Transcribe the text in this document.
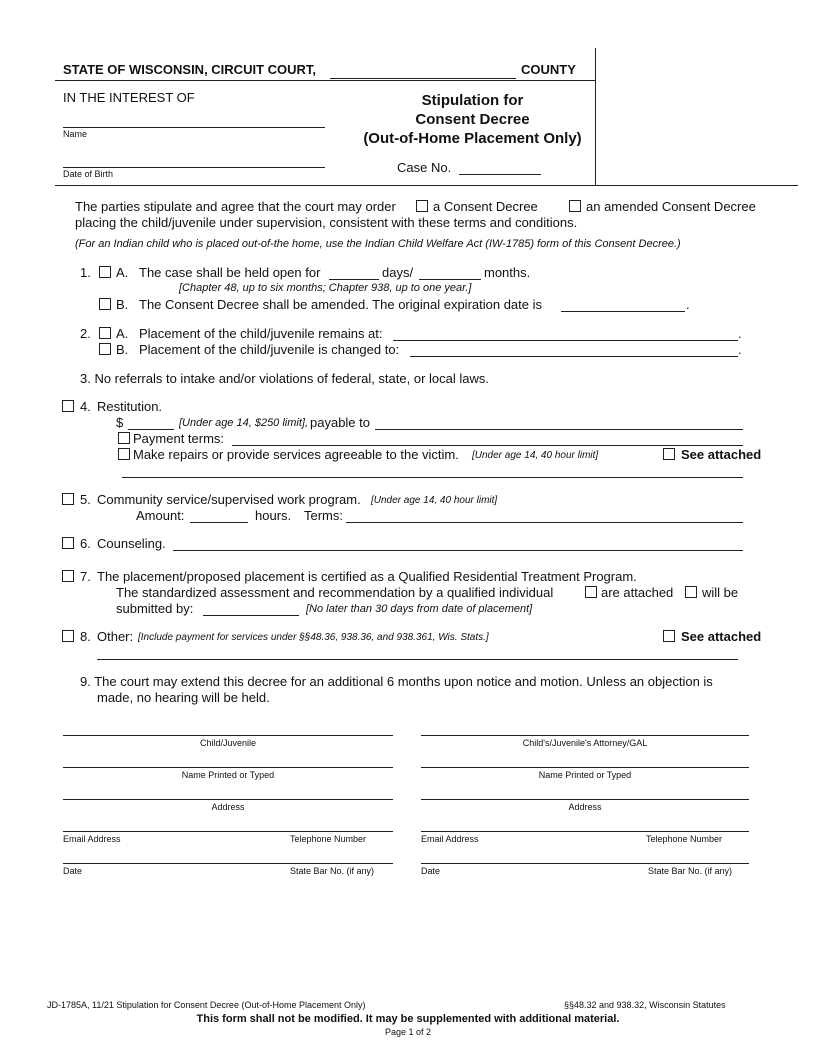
STATE OF WISCONSIN, CIRCUIT COURT,	COUNTY
IN THE INTEREST OF
Name
Date of Birth
Stipulation for
Consent Decree
(Out-of-Home Placement Only)
Case No.
The parties stipulate and agree that the court may order	a Consent Decree	an amended Consent Decree
placing the child/juvenile under supervision, consistent with these terms and conditions.
(For an Indian child who is placed out-of-the home, use the Indian Child Welfare Act (IW-1785) form of this Consent Decree.)
1. A. The case shall be held open for	days/	months.
[Chapter 48, up to six months; Chapter 938, up to one year.]
B. The Consent Decree shall be amended. The original expiration date is	.
2. A. Placement of the child/juvenile remains at:	.
B. Placement of the child/juvenile is changed to:	.
3. No referrals to intake and/or violations of federal, state, or local laws.
4. Restitution.
$	[Under age 14, $250 limit], payable to
Payment terms:
Make repairs or provide services agreeable to the victim. [Under age 14, 40 hour limit]	See attached
5. Community service/supervised work program. [Under age 14, 40 hour limit]
Amount:	hours. Terms:
6. Counseling.
7. The placement/proposed placement is certified as a Qualified Residential Treatment Program.
The standardized assessment and recommendation by a qualified individual	are attached will be
submitted by:	[No later than 30 days from date of placement]
8. Other: [Include payment for services under §§48.36, 938.36, and 938.361, Wis. Stats.]	See attached
9. The court may extend this decree for an additional 6 months upon notice and motion. Unless an objection is
made, no hearing will be held.
Child/Juvenile
Name Printed or Typed
Address
Email Address	Telephone Number
Date	State Bar No. (if any)
Child's/Juvenile's Attorney/GAL
Name Printed or Typed
Address
Email Address	Telephone Number
Date	State Bar No. (if any)
JD-1785A, 11/21 Stipulation for Consent Decree (Out-of-Home Placement Only)	§§48.32 and 938.32, Wisconsin Statutes
This form shall not be modified. It may be supplemented with additional material.
Page 1 of 2
